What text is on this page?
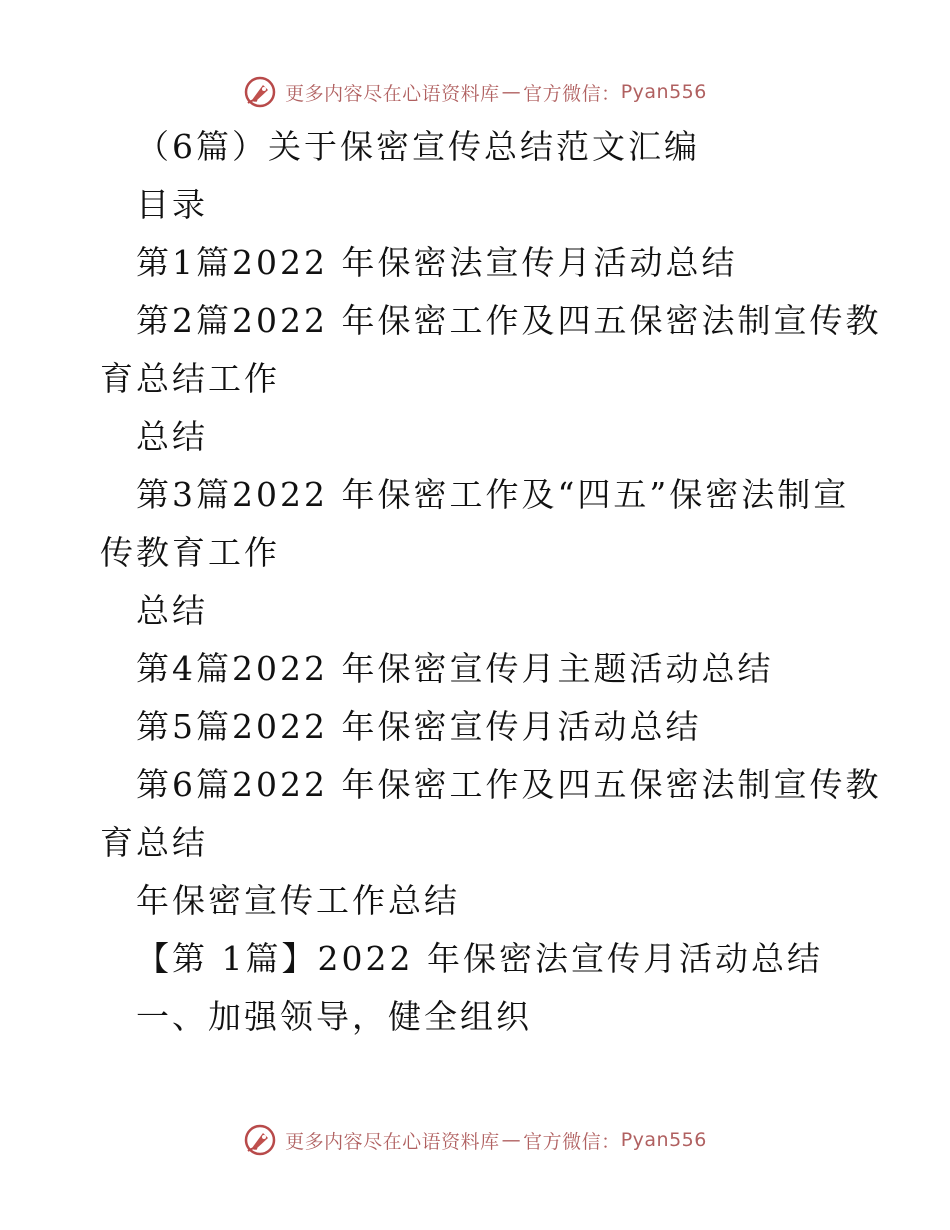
更多内容尽在心语资料库 — 官方微信： Pyan556
（6篇）关于保密宣传总结范文汇编
目录
第1篇2022 年保密法宣传月活动总结
第2篇2022 年保密工作及四五保密法制宣传教
育总结工作
总结
第3篇2022 年保密工作及“四五”保密法制宣
传教育工作
总结
第4篇2022 年保密宣传月主题活动总结
第5篇2022 年保密宣传月活动总结
第6篇2022 年保密工作及四五保密法制宣传教
育总结
年保密宣传工作总结
【第 1篇】2022 年保密法宣传月活动总结
一、加强领导，健全组织
更多内容尽在心语资料库 — 官方微信： Pyan556
